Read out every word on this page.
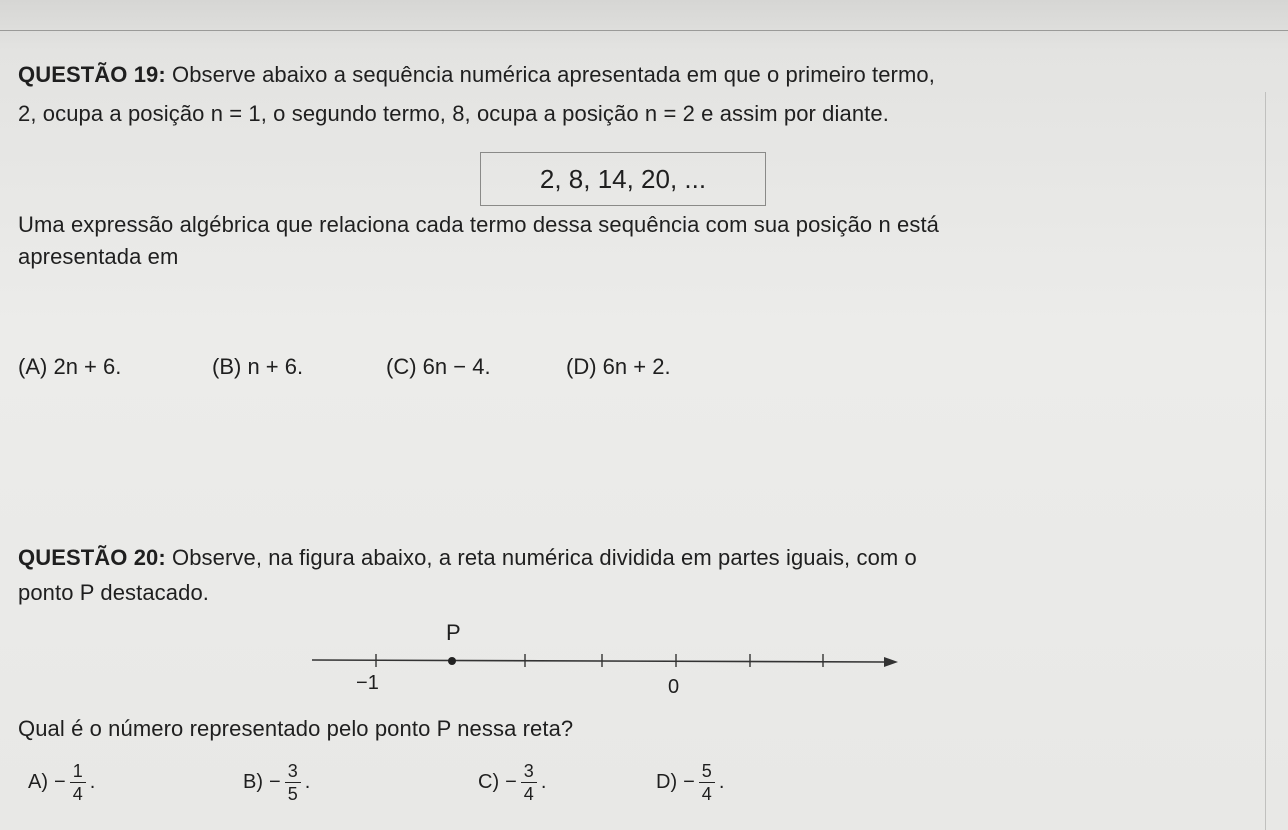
QUESTÃO 19: Observe abaixo a sequência numérica apresentada em que o primeiro termo,
2, ocupa a posição n = 1, o segundo termo, 8, ocupa a posição n = 2 e assim por diante.
2, 8, 14, 20, ...
Uma expressão algébrica que relaciona cada termo dessa sequência com sua posição n está
apresentada em
(A) 2n + 6.	(B) n + 6.	(C) 6n − 4.	(D) 6n + 2.
QUESTÃO 20: Observe, na figura abaixo, a reta numérica dividida em partes iguais, com o
ponto P destacado.
P
−1	0
Qual é o número representado pelo ponto P nessa reta?
$A) - \frac{1}{4}$ .	$B) - \frac{3}{5}$ .	$C) - \frac{3}{4}$ .	$D) - \frac{5}{4}$ .
